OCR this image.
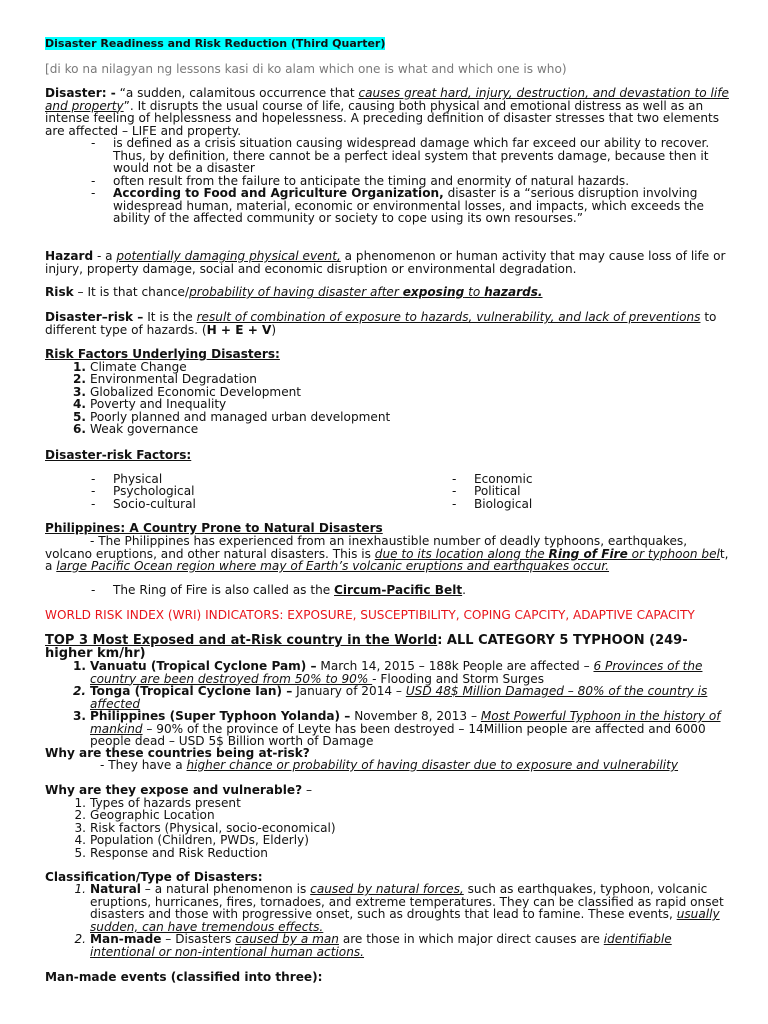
Disaster Readiness and Risk Reduction (Third Quarter)
[di ko na nilagyan ng lessons kasi di ko alam which one is what and which one is who)
Disaster: - “a sudden, calamitous occurrence that causes great hard, injury, destruction, and devastation to life and property”. It disrupts the usual course of life, causing both physical and emotional distress as well as an intense feeling of helplessness and hopelessness. A preceding definition of disaster stresses that two elements are affected – LIFE and property.
- is defined as a crisis situation causing widespread damage which far exceed our ability to recover. Thus, by definition, there cannot be a perfect ideal system that prevents damage, because then it would not be a disaster
- often result from the failure to anticipate the timing and enormity of natural hazards.
- According to Food and Agriculture Organization, disaster is a “serious disruption involving widespread human, material, economic or environmental losses, and impacts, which exceeds the ability of the affected community or society to cope using its own resourses.”
Hazard - a potentially damaging physical event, a phenomenon or human activity that may cause loss of life or injury, property damage, social and economic disruption or environmental degradation.
Risk – It is that chance/probability of having disaster after exposing to hazards.
Disaster–risk – It is the result of combination of exposure to hazards, vulnerability, and lack of preventions to different type of hazards. (H + E + V)
Risk Factors Underlying Disasters:
1. Climate Change
2. Environmental Degradation
3. Globalized Economic Development
4. Poverty and Inequality
5. Poorly planned and managed urban development
6. Weak governance
Disaster-risk Factors:
- Physical
- Psychological
- Socio-cultural
- Economic
- Political
- Biological
Philippines: A Country Prone to Natural Disasters
- The Philippines has experienced from an inexhaustible number of deadly typhoons, earthquakes, volcano eruptions, and other natural disasters. This is due to its location along the Ring of Fire or typhoon belt, a large Pacific Ocean region where may of Earth’s volcanic eruptions and earthquakes occur.
- The Ring of Fire is also called as the Circum-Pacific Belt.
WORLD RISK INDEX (WRI) INDICATORS: EXPOSURE, SUSCEPTIBILITY, COPING CAPCITY, ADAPTIVE CAPACITY
TOP 3 Most Exposed and at-Risk country in the World: ALL CATEGORY 5 TYPHOON (249-higher km/hr)
1. Vanuatu (Tropical Cyclone Pam) – March 14, 2015 – 188k People are affected – 6 Provinces of the country are been destroyed from 50% to 90% - Flooding and Storm Surges
2. Tonga (Tropical Cyclone Ian) – January of 2014 – USD 48$ Million Damaged – 80% of the country is affected
3. Philippines (Super Typhoon Yolanda) – November 8, 2013 – Most Powerful Typhoon in the history of mankind – 90% of the province of Leyte has been destroyed – 14Million people are affected and 6000 people dead – USD 5$ Billion worth of Damage
Why are these countries being at-risk?
- They have a higher chance or probability of having disaster due to exposure and vulnerability
Why are they expose and vulnerable? –
1. Types of hazards present
2. Geographic Location
3. Risk factors (Physical, socio-economical)
4. Population (Children, PWDs, Elderly)
5. Response and Risk Reduction
Classification/Type of Disasters:
1. Natural – a natural phenomenon is caused by natural forces, such as earthquakes, typhoon, volcanic eruptions, hurricanes, fires, tornadoes, and extreme temperatures. They can be classified as rapid onset disasters and those with progressive onset, such as droughts that lead to famine. These events, usually sudden, can have tremendous effects.
2. Man-made – Disasters caused by a man are those in which major direct causes are identifiable intentional or non-intentional human actions.
Man-made events (classified into three):
